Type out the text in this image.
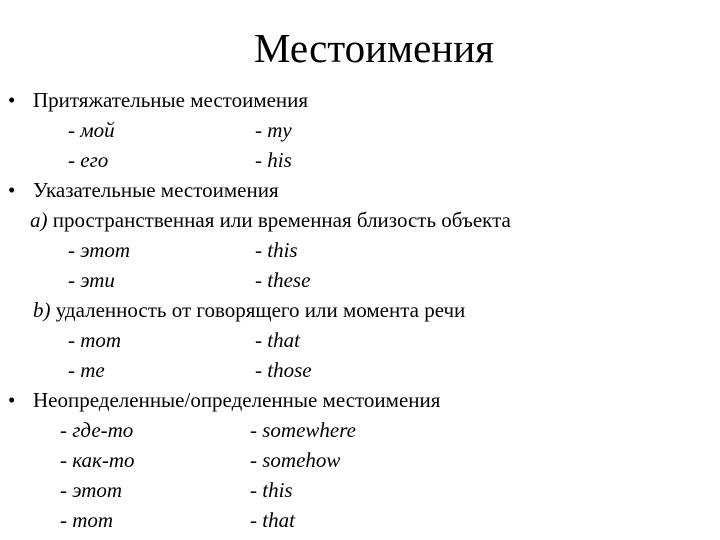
Местоимения
• Притяжательные местоимения
- мой	- my
- его	- his
• Указательные местоимения
a) пространственная или временная близость объекта
- этот	- this
- эти	- these
b) удаленность от говорящего или момента речи
- тот	- that
- те	- those
• Неопределенные/определенные местоимения
- где-то	- somewhere
- как-то	- somehow
- этот	- this
- тот	- that
